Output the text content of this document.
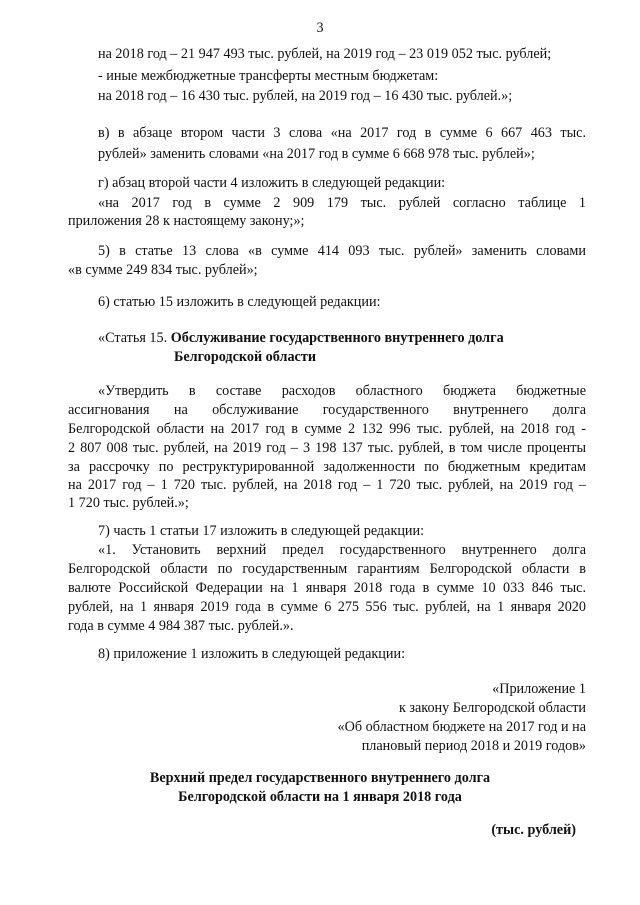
3
на 2018 год – 21 947 493 тыс. рублей, на 2019 год – 23 019 052 тыс. рублей;
- иные межбюджетные трансферты местным бюджетам:
на 2018 год – 16 430 тыс. рублей, на 2019 год – 16 430 тыс. рублей.»;
в) в абзаце втором части 3 слова «на 2017 год в сумме 6 667 463 тыс.
рублей» заменить словами «на 2017 год в сумме 6 668 978 тыс. рублей»;
г) абзац второй части 4 изложить в следующей редакции:
«на 2017 год в сумме 2 909 179 тыс. рублей согласно таблице 1
приложения 28 к настоящему закону;»;
5) в статье 13 слова «в сумме 414 093 тыс. рублей» заменить словами
«в сумме 249 834 тыс. рублей»;
6) статью 15 изложить в следующей редакции:
«Статья 15. Обслуживание государственного внутреннего долга
Белгородской области
«Утвердить в составе расходов областного бюджета бюджетные
ассигнования на обслуживание государственного внутреннего долга
Белгородской области на 2017 год в сумме 2 132 996 тыс. рублей, на 2018 год -
2 807 008 тыс. рублей, на 2019 год – 3 198 137 тыс. рублей, в том числе проценты
за рассрочку по реструктурированной задолженности по бюджетным кредитам
на 2017 год – 1 720 тыс. рублей, на 2018 год – 1 720 тыс. рублей, на 2019 год –
1 720 тыс. рублей.»;
7) часть 1 статьи 17 изложить в следующей редакции:
«1. Установить верхний предел государственного внутреннего долга
Белгородской области по государственным гарантиям Белгородской области в
валюте Российской Федерации на 1 января 2018 года в сумме 10 033 846 тыс.
рублей, на 1 января 2019 года в сумме 6 275 556 тыс. рублей, на 1 января 2020
года в сумме 4 984 387 тыс. рублей.».
8) приложение 1 изложить в следующей редакции:
«Приложение 1
к закону Белгородской области
«Об областном бюджете на 2017 год и на
плановый период 2018 и 2019 годов»
Верхний предел государственного внутреннего долга
Белгородской области на 1 января 2018 года
(тыс. рублей)
